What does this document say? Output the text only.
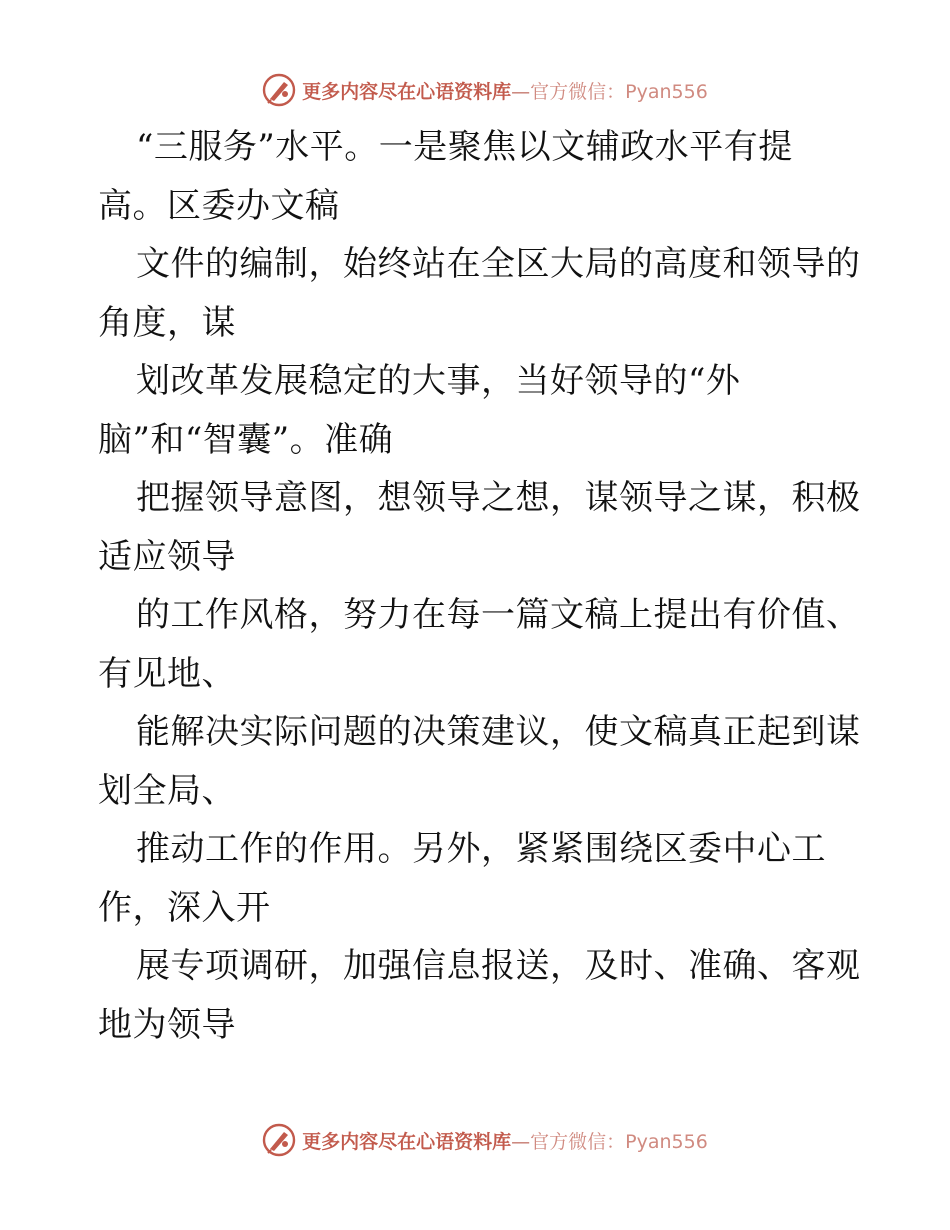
更多内容尽在心语资料库—官方微信：Pyan556
“三服务”水平。一是聚焦以文辅政水平有提
高。区委办文稿
文件的编制，始终站在全区大局的高度和领导的
角度，谋
划改革发展稳定的大事，当好领导的“外
脑”和“智囊”。准确
把握领导意图，想领导之想，谋领导之谋，积极
适应领导
的工作风格，努力在每一篇文稿上提出有价值、
有见地、
能解决实际问题的决策建议，使文稿真正起到谋
划全局、
推动工作的作用。另外，紧紧围绕区委中心工
作，深入开
展专项调研，加强信息报送，及时、准确、客观
地为领导
更多内容尽在心语资料库—官方微信：Pyan556
